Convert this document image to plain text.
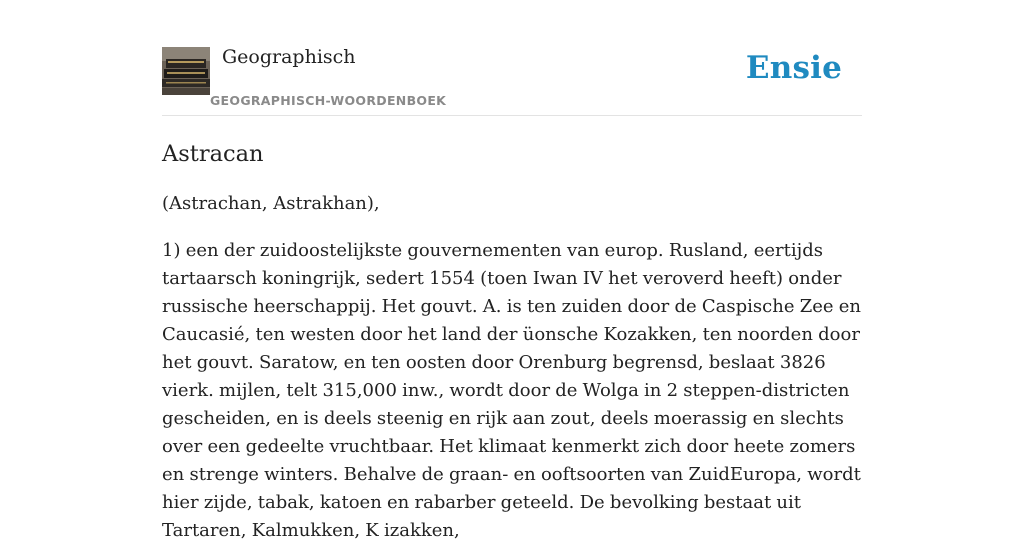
Geographisch
GEOGRAPHISCH-WOORDENBOEK
Ensie
Astracan

(Astrachan, Astrakhan),

1) een der zuidoostelijkste gouvernementen van europ. Rusland, eertijds tartaarsch koningrijk, sedert 1554 (toen Iwan IV het veroverd heeft) onder russische heerschappij. Het gouvt. A. is ten zuiden door de Caspische Zee en Caucasié, ten westen door het land der üonsche Kozakken, ten noorden door het gouvt. Saratow, en ten oosten door Orenburg begrensd, beslaat 3826 vierk. mijlen, telt 315,000 inw., wordt door de Wolga in 2 steppen-districten gescheiden, en is deels steenig en rijk aan zout, deels moerassig en slechts over een gedeelte vruchtbaar. Het klimaat kenmerkt zich door heete zomers en strenge winters. Behalve de graan- en ooftsoorten van ZuidEuropa, wordt hier zijde, tabak, katoen en rabarber geteeld. De bevolking bestaat uit Tartaren, Kalmukken, K izakken,
